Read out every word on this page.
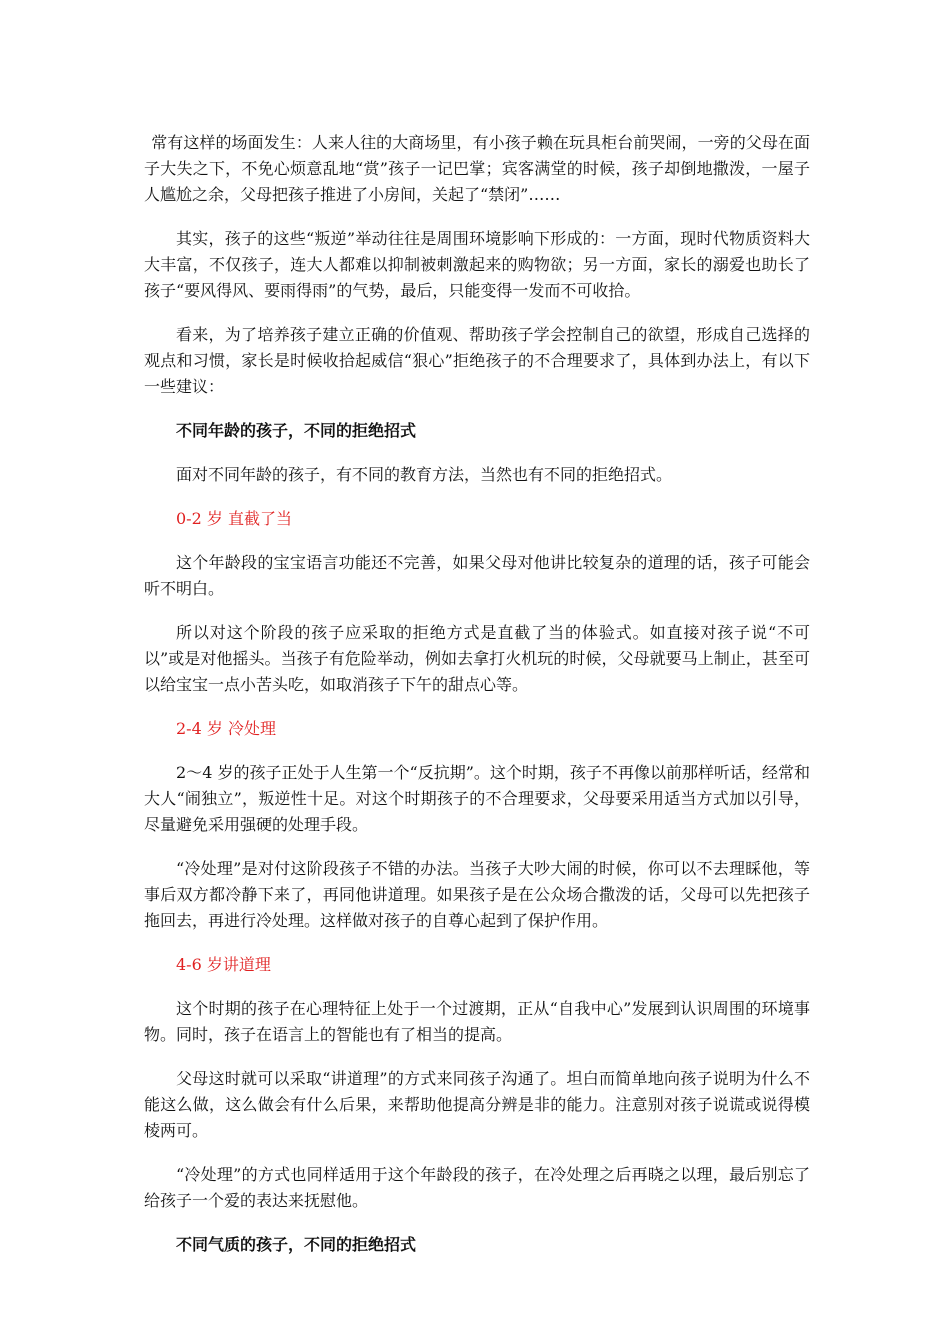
常有这样的场面发生：人来人往的大商场里，有小孩子赖在玩具柜台前哭闹，一旁的父母在面子大失之下，不免心烦意乱地“赏”孩子一记巴掌；宾客满堂的时候，孩子却倒地撒泼，一屋子人尴尬之余，父母把孩子推进了小房间，关起了“禁闭”……

其实，孩子的这些“叛逆”举动往往是周围环境影响下形成的：一方面，现时代物质资料大大丰富，不仅孩子，连大人都难以抑制被刺激起来的购物欲；另一方面，家长的溺爱也助长了孩子“要风得风、要雨得雨”的气势，最后，只能变得一发而不可收拾。

看来，为了培养孩子建立正确的价值观、帮助孩子学会控制自己的欲望，形成自己选择的观点和习惯，家长是时候收拾起威信“狠心”拒绝孩子的不合理要求了，具体到办法上，有以下一些建议：

不同年龄的孩子，不同的拒绝招式

面对不同年龄的孩子，有不同的教育方法，当然也有不同的拒绝招式。

0-2 岁 直截了当

这个年龄段的宝宝语言功能还不完善，如果父母对他讲比较复杂的道理的话，孩子可能会听不明白。

所以对这个阶段的孩子应采取的拒绝方式是直截了当的体验式。如直接对孩子说“不可以”或是对他摇头。当孩子有危险举动，例如去拿打火机玩的时候，父母就要马上制止，甚至可以给宝宝一点小苦头吃，如取消孩子下午的甜点心等。

2-4 岁 冷处理

2～4 岁的孩子正处于人生第一个“反抗期”。这个时期，孩子不再像以前那样听话，经常和大人“闹独立”，叛逆性十足。对这个时期孩子的不合理要求，父母要采用适当方式加以引导，尽量避免采用强硬的处理手段。

“冷处理”是对付这阶段孩子不错的办法。当孩子大吵大闹的时候，你可以不去理睬他，等事后双方都冷静下来了，再同他讲道理。如果孩子是在公众场合撒泼的话，父母可以先把孩子拖回去，再进行冷处理。这样做对孩子的自尊心起到了保护作用。

4-6 岁讲道理

这个时期的孩子在心理特征上处于一个过渡期，正从“自我中心”发展到认识周围的环境事物。同时，孩子在语言上的智能也有了相当的提高。

父母这时就可以采取“讲道理”的方式来同孩子沟通了。坦白而简单地向孩子说明为什么不能这么做，这么做会有什么后果，来帮助他提高分辨是非的能力。注意别对孩子说谎或说得模棱两可。

“冷处理”的方式也同样适用于这个年龄段的孩子，在冷处理之后再晓之以理，最后别忘了给孩子一个爱的表达来抚慰他。

不同气质的孩子，不同的拒绝招式
